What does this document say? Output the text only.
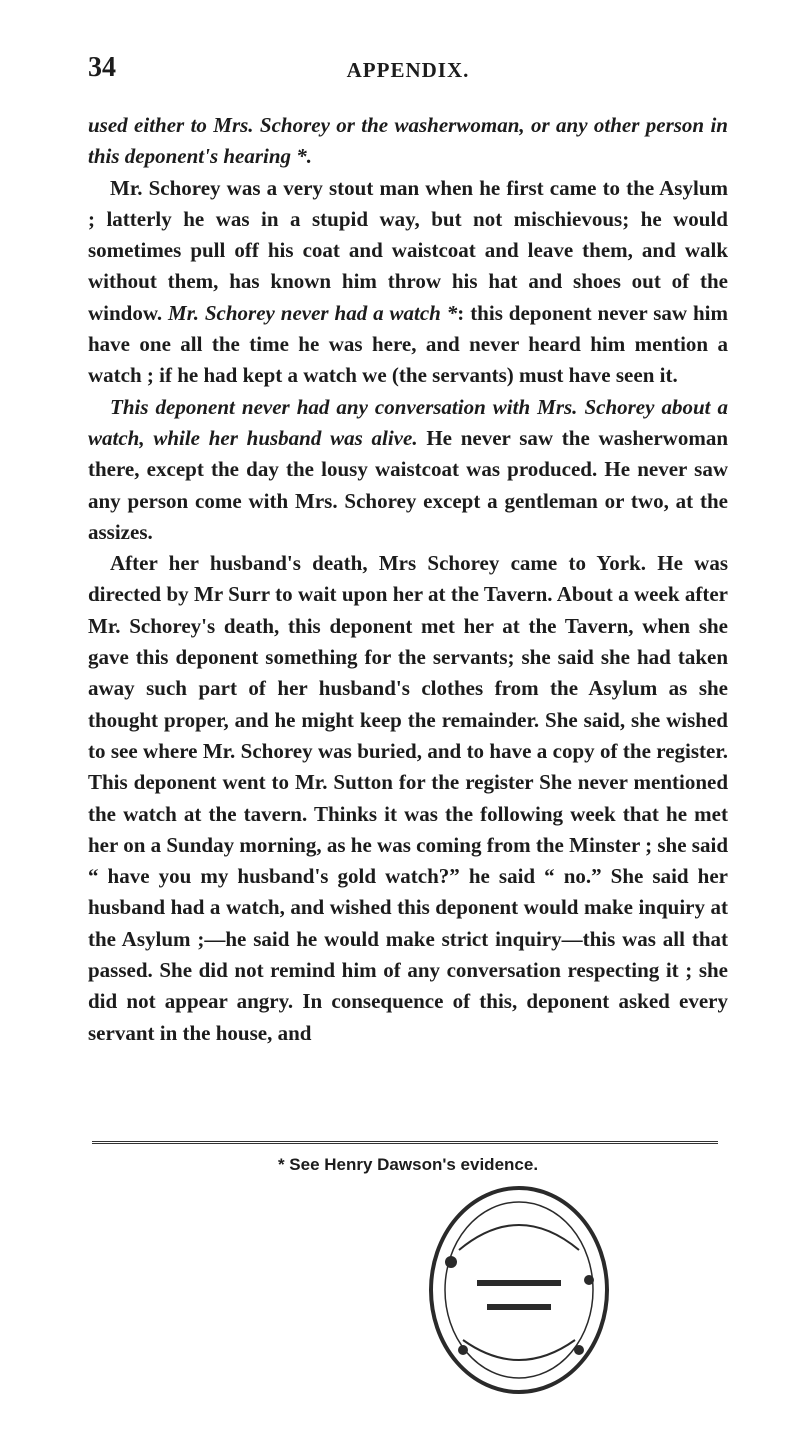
34	APPENDIX.

used either to Mrs. Schorey or the washerwoman, or any other person in this deponent's hearing *.

Mr. Schorey was a very stout man when he first came to the Asylum ; latterly he was in a stupid way, but not mischievous; he would sometimes pull off his coat and waistcoat and leave them, and walk without them, has known him throw his hat and shoes out of the window. Mr. Schorey never had a watch *: this deponent never saw him have one all the time he was here, and never heard him mention a watch ; if he had kept a watch we (the servants) must have seen it.

This deponent never had any conversation with Mrs. Schorey about a watch, while her husband was alive. He never saw the washerwoman there, except the day the lousy waistcoat was produced. He never saw any person come with Mrs. Schorey except a gentleman or two, at the assizes.

After her husband's death, Mrs Schorey came to York. He was directed by Mr Surr to wait upon her at the Tavern. About a week after Mr. Schorey's death, this deponent met her at the Tavern, when she gave this deponent something for the servants; she said she had taken away such part of her husband's clothes from the Asylum as she thought proper, and he might keep the remainder. She said, she wished to see where Mr. Schorey was buried, and to have a copy of the register. This deponent went to Mr. Sutton for the register She never mentioned the watch at the tavern. Thinks it was the following week that he met her on a Sunday morning, as he was coming from the Minster ; she said “ have you my husband's gold watch?” he said “ no.” She said her husband had a watch, and wished this deponent would make inquiry at the Asylum ;—he said he would make strict inquiry—this was all that passed. She did not remind him of any conversation respecting it ; she did not appear angry. In consequence of this, deponent asked every servant in the house, and

* See Henry Dawson's evidence.
